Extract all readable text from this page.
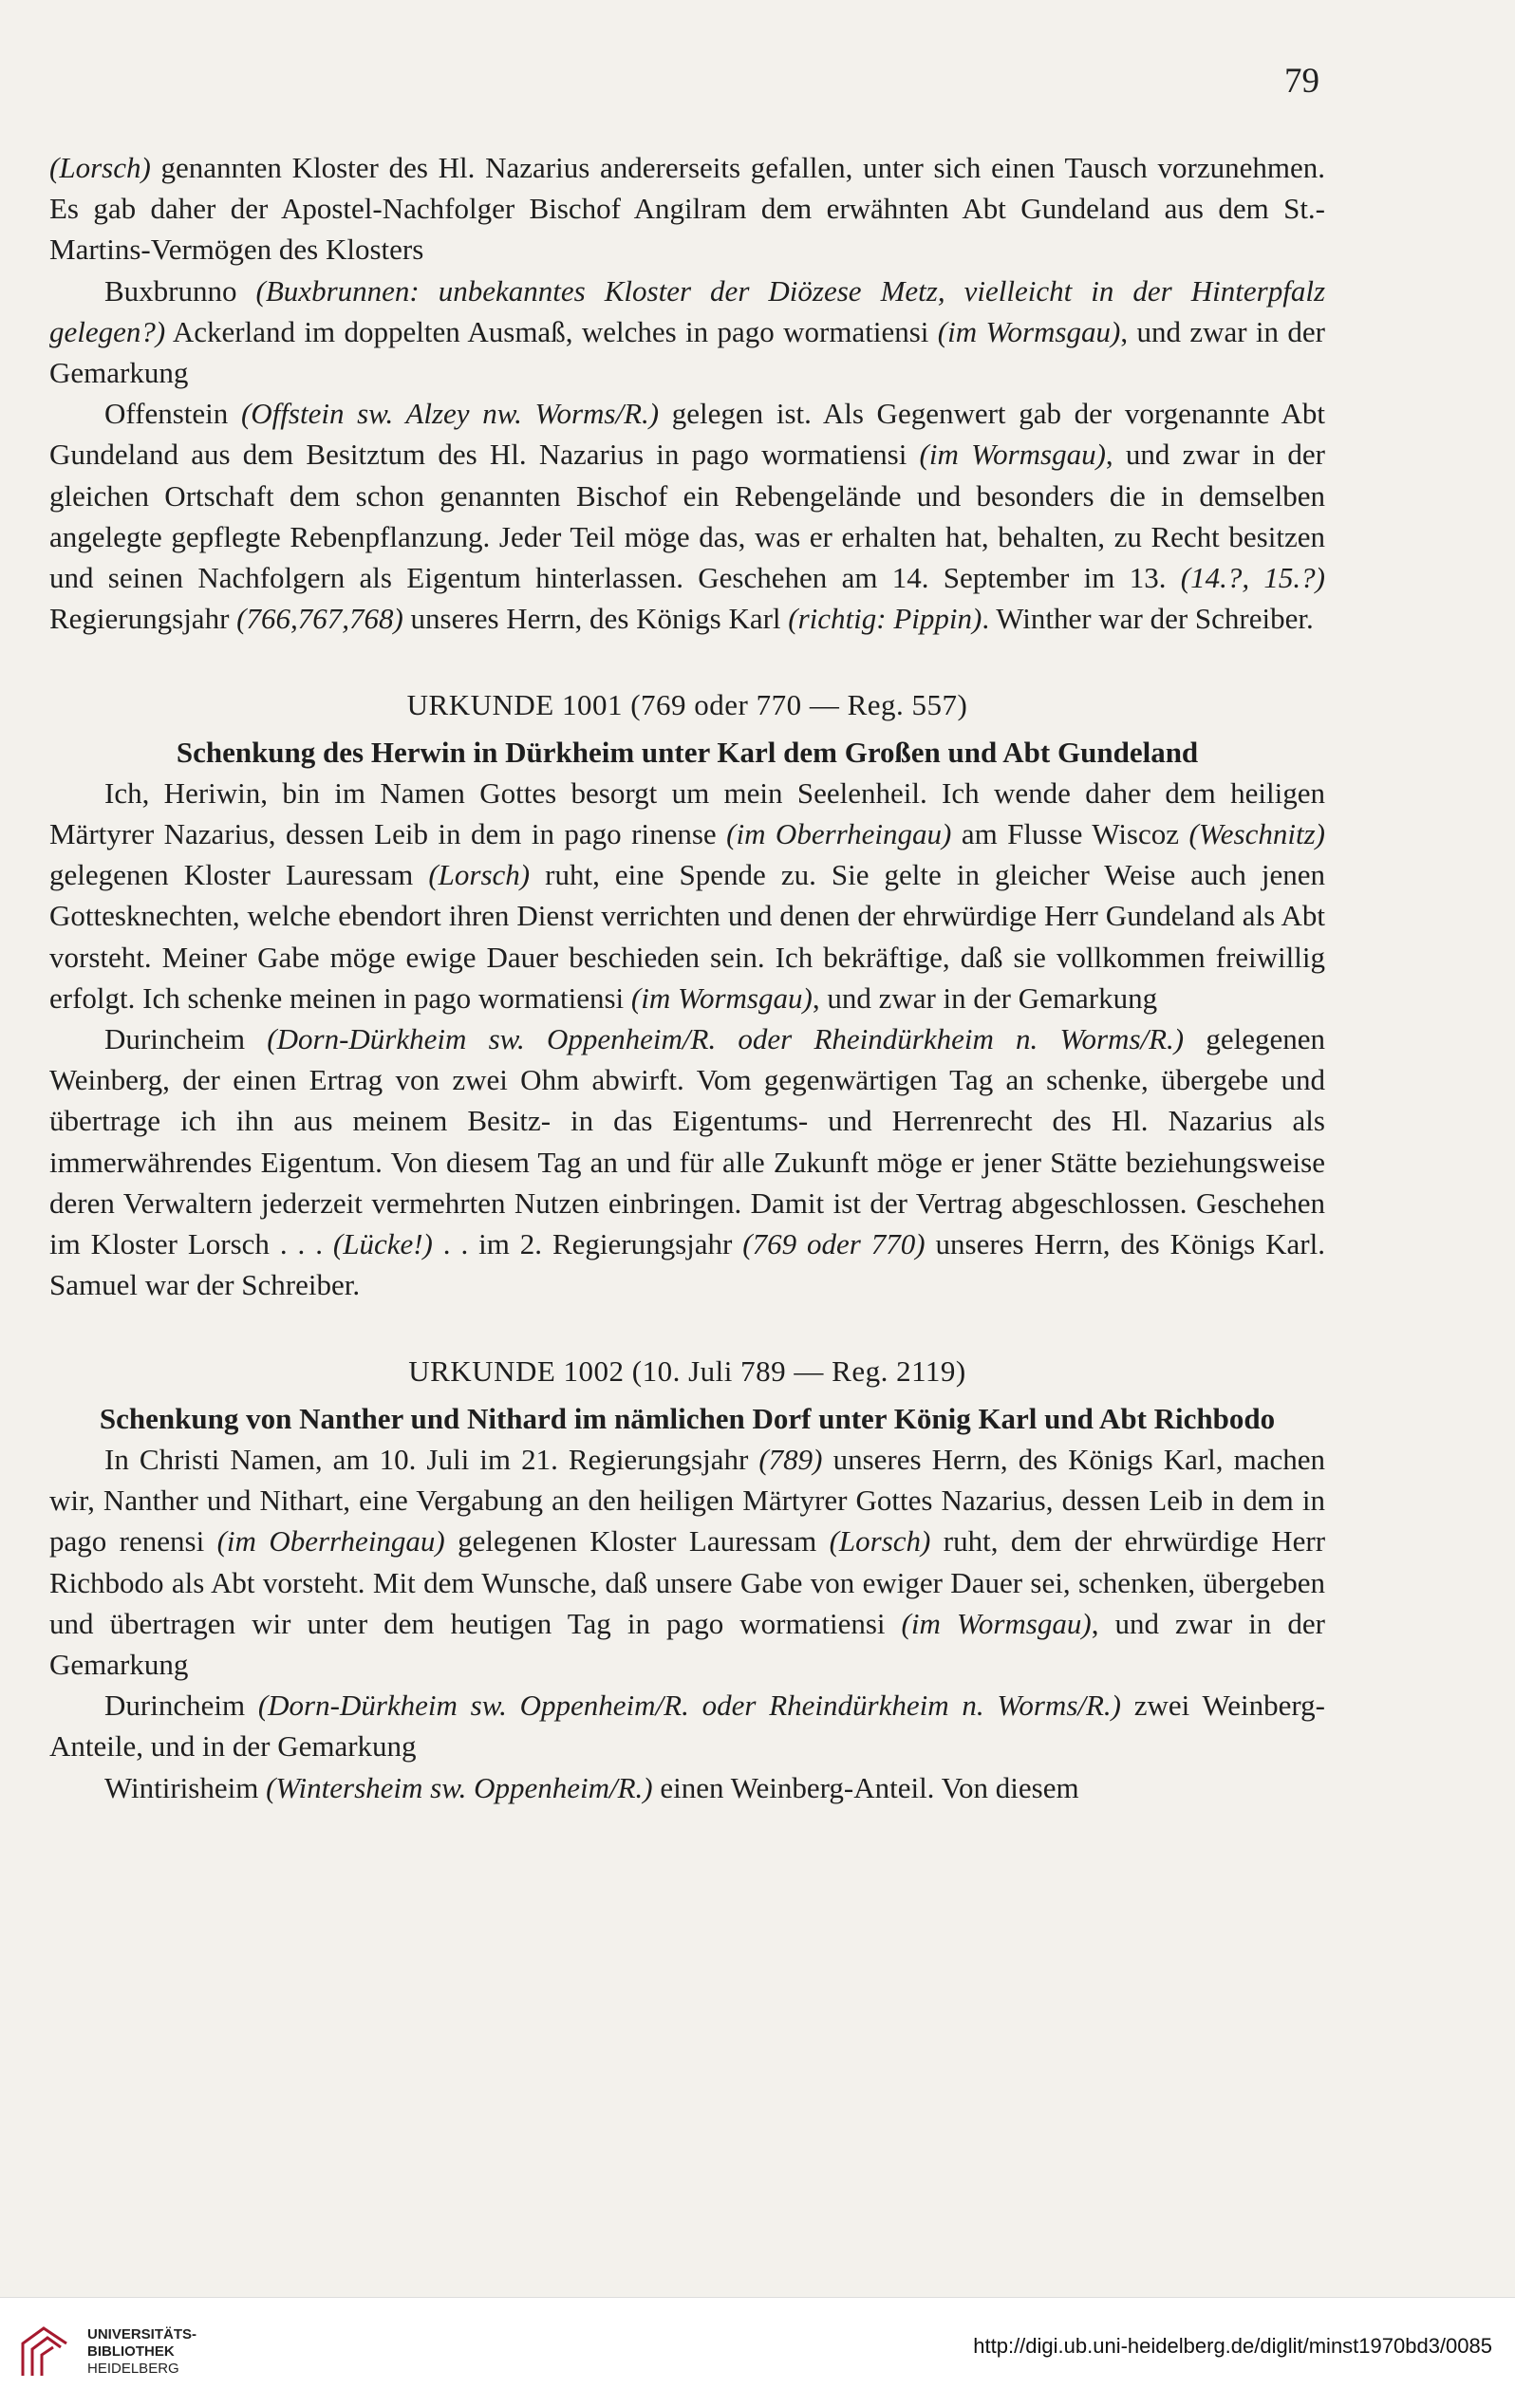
79

(Lorsch) genannten Kloster des Hl. Nazarius andererseits gefallen, unter sich einen Tausch vorzunehmen. Es gab daher der Apostel-Nachfolger Bischof Angilram dem erwähnten Abt Gundeland aus dem St.-Martins-Vermögen des Klosters

Buxbrunno (Buxbrunnen: unbekanntes Kloster der Diözese Metz, vielleicht in der Hinterpfalz gelegen?) Ackerland im doppelten Ausmaß, welches in pago wormatiensi (im Wormsgau), und zwar in der Gemarkung

Offenstein (Offstein sw. Alzey nw. Worms/R.) gelegen ist. Als Gegenwert gab der vorgenannte Abt Gundeland aus dem Besitztum des Hl. Nazarius in pago wormatiensi (im Wormsgau), und zwar in der gleichen Ortschaft dem schon genannten Bischof ein Rebengelände und besonders die in demselben angelegte gepflegte Rebenpflanzung. Jeder Teil möge das, was er erhalten hat, behalten, zu Recht besitzen und seinen Nachfolgern als Eigentum hinterlassen. Geschehen am 14. September im 13. (14.?, 15.?) Regierungsjahr (766,767,768) unseres Herrn, des Königs Karl (richtig: Pippin). Winther war der Schreiber.

URKUNDE 1001 (769 oder 770 — Reg. 557)

Schenkung des Herwin in Dürkheim unter Karl dem Großen und Abt Gundeland

Ich, Heriwin, bin im Namen Gottes besorgt um mein Seelenheil. Ich wende daher dem heiligen Märtyrer Nazarius, dessen Leib in dem in pago rinense (im Oberrheingau) am Flusse Wiscoz (Weschnitz) gelegenen Kloster Lauressam (Lorsch) ruht, eine Spende zu. Sie gelte in gleicher Weise auch jenen Gottesknechten, welche ebendort ihren Dienst verrichten und denen der ehrwürdige Herr Gundeland als Abt vorsteht. Meiner Gabe möge ewige Dauer beschieden sein. Ich bekräftige, daß sie vollkommen freiwillig erfolgt. Ich schenke meinen in pago wormatiensi (im Wormsgau), und zwar in der Gemarkung

Durincheim (Dorn-Dürkheim sw. Oppenheim/R. oder Rheindürkheim n. Worms/R.) gelegenen Weinberg, der einen Ertrag von zwei Ohm abwirft. Vom gegenwärtigen Tag an schenke, übergebe und übertrage ich ihn aus meinem Besitz- in das Eigentums- und Herrenrecht des Hl. Nazarius als immerwährendes Eigentum. Von diesem Tag an und für alle Zukunft möge er jener Stätte beziehungsweise deren Verwaltern jederzeit vermehrten Nutzen einbringen. Damit ist der Vertrag abgeschlossen. Geschehen im Kloster Lorsch . . . (Lücke!) . . im 2. Regierungsjahr (769 oder 770) unseres Herrn, des Königs Karl. Samuel war der Schreiber.

URKUNDE 1002 (10. Juli 789 — Reg. 2119)

Schenkung von Nanther und Nithard im nämlichen Dorf unter König Karl und Abt Richbodo

In Christi Namen, am 10. Juli im 21. Regierungsjahr (789) unseres Herrn, des Königs Karl, machen wir, Nanther und Nithart, eine Vergabung an den heiligen Märtyrer Gottes Nazarius, dessen Leib in dem in pago renensi (im Oberrheingau) gelegenen Kloster Lauressam (Lorsch) ruht, dem der ehrwürdige Herr Richbodo als Abt vorsteht. Mit dem Wunsche, daß unsere Gabe von ewiger Dauer sei, schenken, übergeben und übertragen wir unter dem heutigen Tag in pago wormatiensi (im Wormsgau), und zwar in der Gemarkung

Durincheim (Dorn-Dürkheim sw. Oppenheim/R. oder Rheindürkheim n. Worms/R.) zwei Weinberg-Anteile, und in der Gemarkung

Wintirisheim (Wintersheim sw. Oppenheim/R.) einen Weinberg-Anteil. Von diesem

UNIVERSITÄTS-
BIBLIOTHEK
HEIDELBERG
http://digi.ub.uni-heidelberg.de/diglit/minst1970bd3/0085
